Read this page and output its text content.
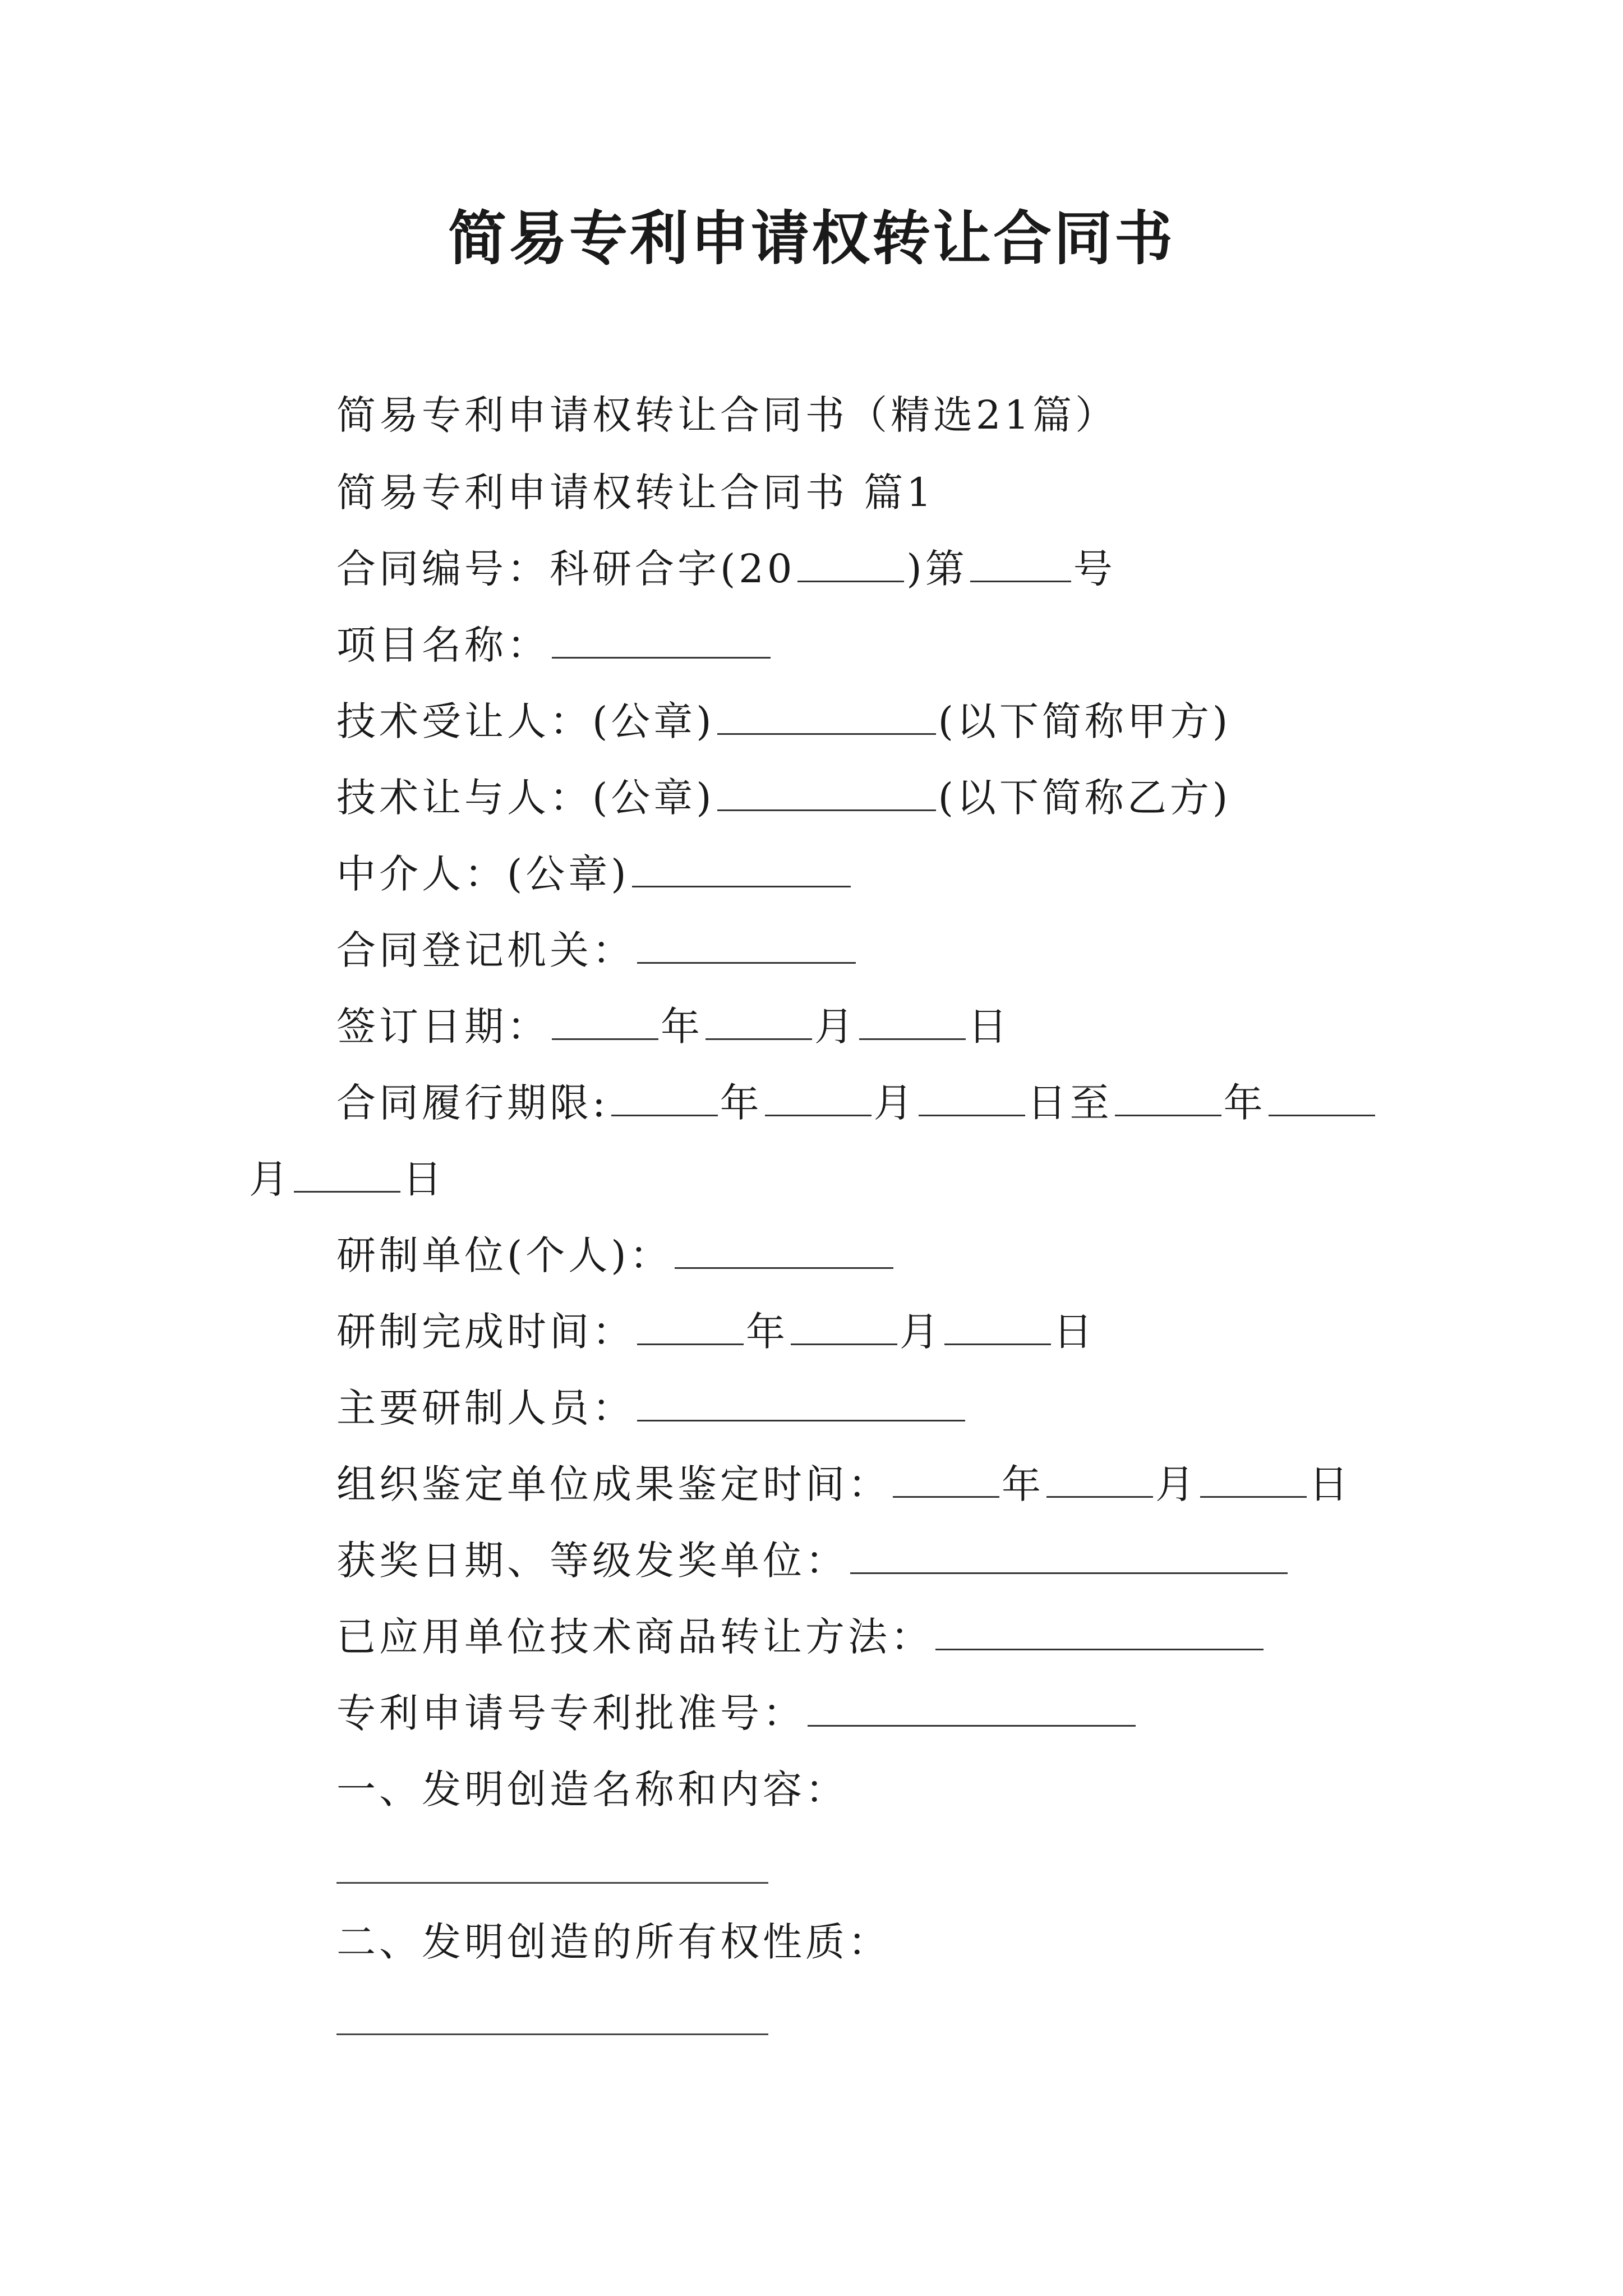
简易专利申请权转让合同书
简易专利申请权转让合同书（精选21篇）
简易专利申请权转让合同书 篇1
合同编号：科研合字(20	)第	号
项目名称：
技术受让人：(公章)	(以下简称甲方)
技术让与人：(公章)	(以下简称乙方)
中介人：(公章)
合同登记机关：
签订日期：	年	月	日
合同履行期限:	年	月	日至	年
月	日
研制单位(个人)：
研制完成时间：	年	月	日
主要研制人员：
组织鉴定单位成果鉴定时间：	年	月	日
获奖日期、等级发奖单位：
已应用单位技术商品转让方法：
专利申请号专利批准号：
一、发明创造名称和内容：
二、发明创造的所有权性质：
